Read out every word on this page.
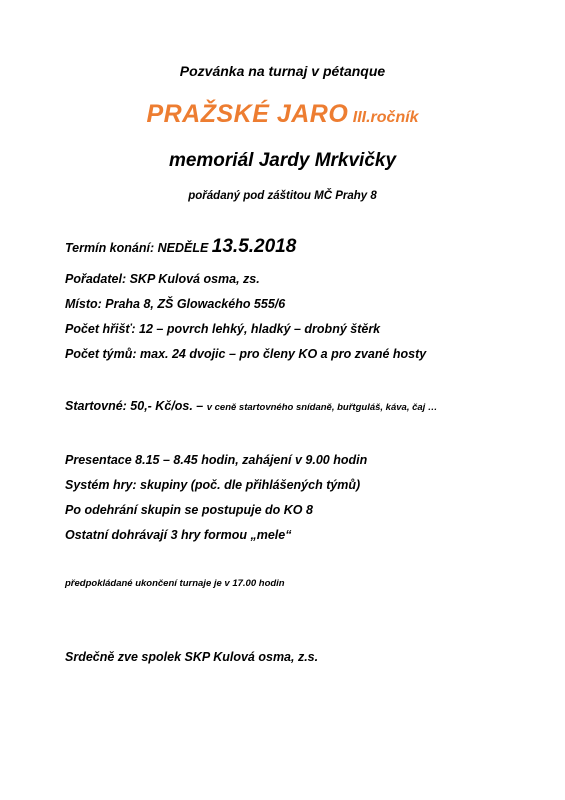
Pozvánka na turnaj v pétanque
PRAŽSKÉ JARO III.ročník
memoriál Jardy Mrkvičky
pořádaný pod záštitou MČ Prahy 8
Termín konání: NEDĚLE 13.5.2018
Pořadatel: SKP Kulová osma, zs.
Místo: Praha 8, ZŠ Glowackého 555/6
Počet hřišť: 12 – povrch lehký, hladký – drobný štěrk
Počet týmů: max. 24 dvojic – pro členy KO a pro zvané hosty
Startovné: 50,- Kč/os. – v ceně startovného snídaně, buřtguláš, káva, čaj …
Presentace 8.15 – 8.45 hodin, zahájení v 9.00 hodin
Systém hry: skupiny (poč. dle přihlášených týmů)
Po odehrání skupin se postupuje do KO 8
Ostatní dohrávají 3 hry formou „mele“
předpokládané ukončení turnaje je v 17.00 hodin
Srdečně zve spolek SKP Kulová osma, z.s.
